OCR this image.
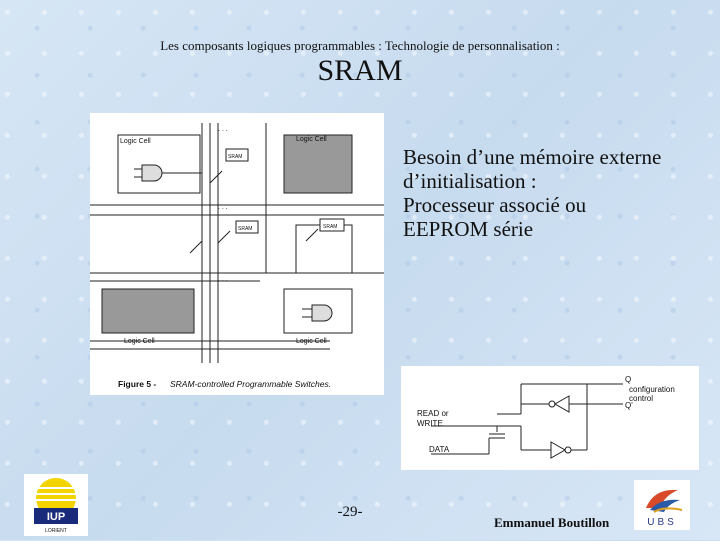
Les composants logiques programmables : Technologie de personnalisation :
SRAM
Logic Cell	Logic Cell
Logic Cell	Logic Cell
SRAM
SRAM	SRAM
. . .
. . .
. . .
Figure 5 - SRAM-controlled Programmable Switches.
Besoin d’une mémoire externe
d’initialisation :
Processeur associé ou
EEPROM série
Q
Q'
configuration
control
READ or
WRITE
DATA
-29-
Emmanuel Boutillon
IUP
LORIENT
UBS
